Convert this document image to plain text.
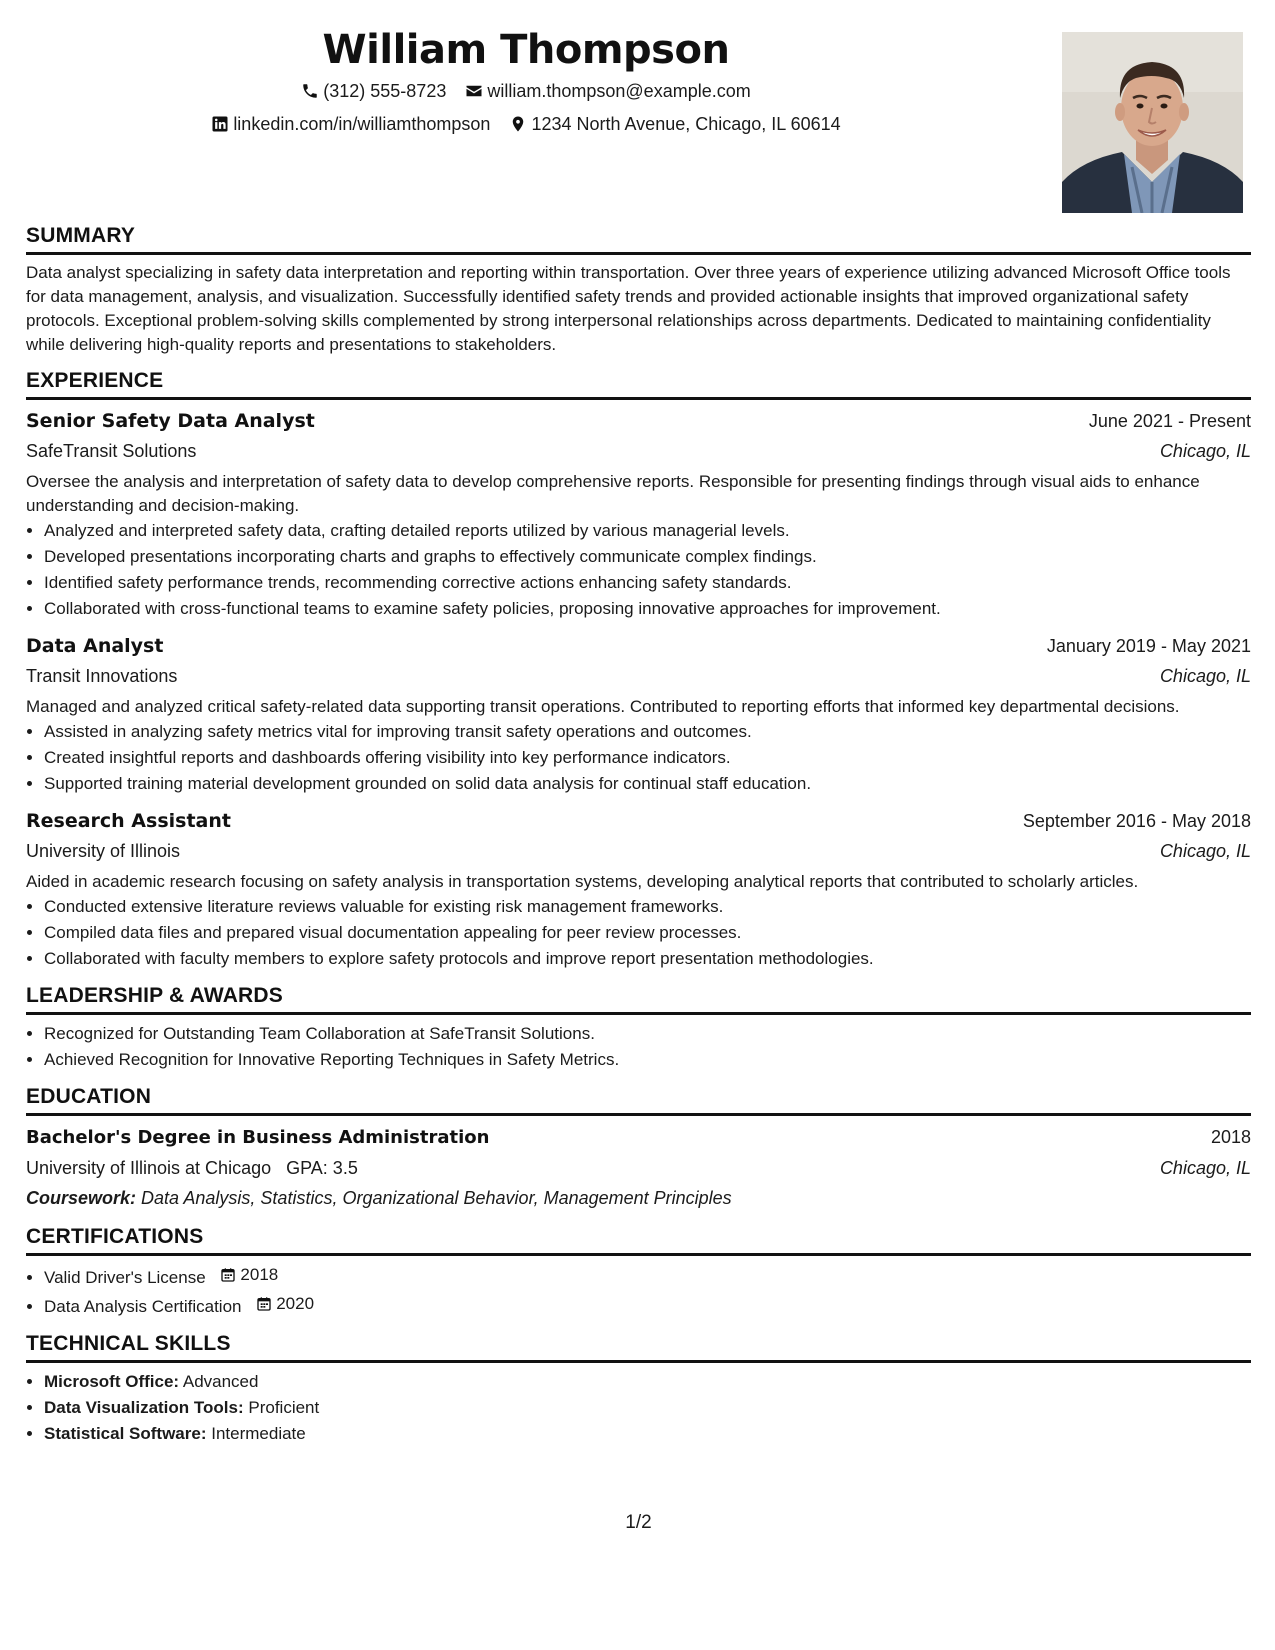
William Thompson
(312) 555-8723
william.thompson@example.com
linkedin.com/in/williamthompson
1234 North Avenue, Chicago, IL 60614
SUMMARY

Data analyst specializing in safety data interpretation and reporting within transportation. Over three years of experience utilizing advanced Microsoft Office tools for data management, analysis, and visualization. Successfully identified safety trends and provided actionable insights that improved organizational safety protocols. Exceptional problem-solving skills complemented by strong interpersonal relationships across departments. Dedicated to maintaining confidentiality while delivering high-quality reports and presentations to stakeholders.

EXPERIENCE
Senior Safety Data Analyst	June 2021 - Present
SafeTransit Solutions	Chicago, IL

Oversee the analysis and interpretation of safety data to develop comprehensive reports. Responsible for presenting findings through visual aids to enhance understanding and decision-making.

• Analyzed and interpreted safety data, crafting detailed reports utilized by various managerial levels.
• Developed presentations incorporating charts and graphs to effectively communicate complex findings.
• Identified safety performance trends, recommending corrective actions enhancing safety standards.
• Collaborated with cross-functional teams to examine safety policies, proposing innovative approaches for improvement.
Data Analyst	January 2019 - May 2021
Transit Innovations	Chicago, IL

Managed and analyzed critical safety-related data supporting transit operations. Contributed to reporting efforts that informed key departmental decisions.

• Assisted in analyzing safety metrics vital for improving transit safety operations and outcomes.
• Created insightful reports and dashboards offering visibility into key performance indicators.
• Supported training material development grounded on solid data analysis for continual staff education.
Research Assistant	September 2016 - May 2018
University of Illinois	Chicago, IL

Aided in academic research focusing on safety analysis in transportation systems, developing analytical reports that contributed to scholarly articles.

• Conducted extensive literature reviews valuable for existing risk management frameworks.
• Compiled data files and prepared visual documentation appealing for peer review processes.
• Collaborated with faculty members to explore safety protocols and improve report presentation methodologies.
LEADERSHIP & AWARDS
• Recognized for Outstanding Team Collaboration at SafeTransit Solutions.
• Achieved Recognition for Innovative Reporting Techniques in Safety Metrics.
EDUCATION
Bachelor's Degree in Business Administration	2018
University of Illinois at Chicago GPA: 3.5	Chicago, IL
Coursework: Data Analysis, Statistics, Organizational Behavior, Management Principles
CERTIFICATIONS
• Valid Driver's License 2018
• Data Analysis Certification 2020
TECHNICAL SKILLS
• Microsoft Office: Advanced
• Data Visualization Tools: Proficient
• Statistical Software: Intermediate
1/2
